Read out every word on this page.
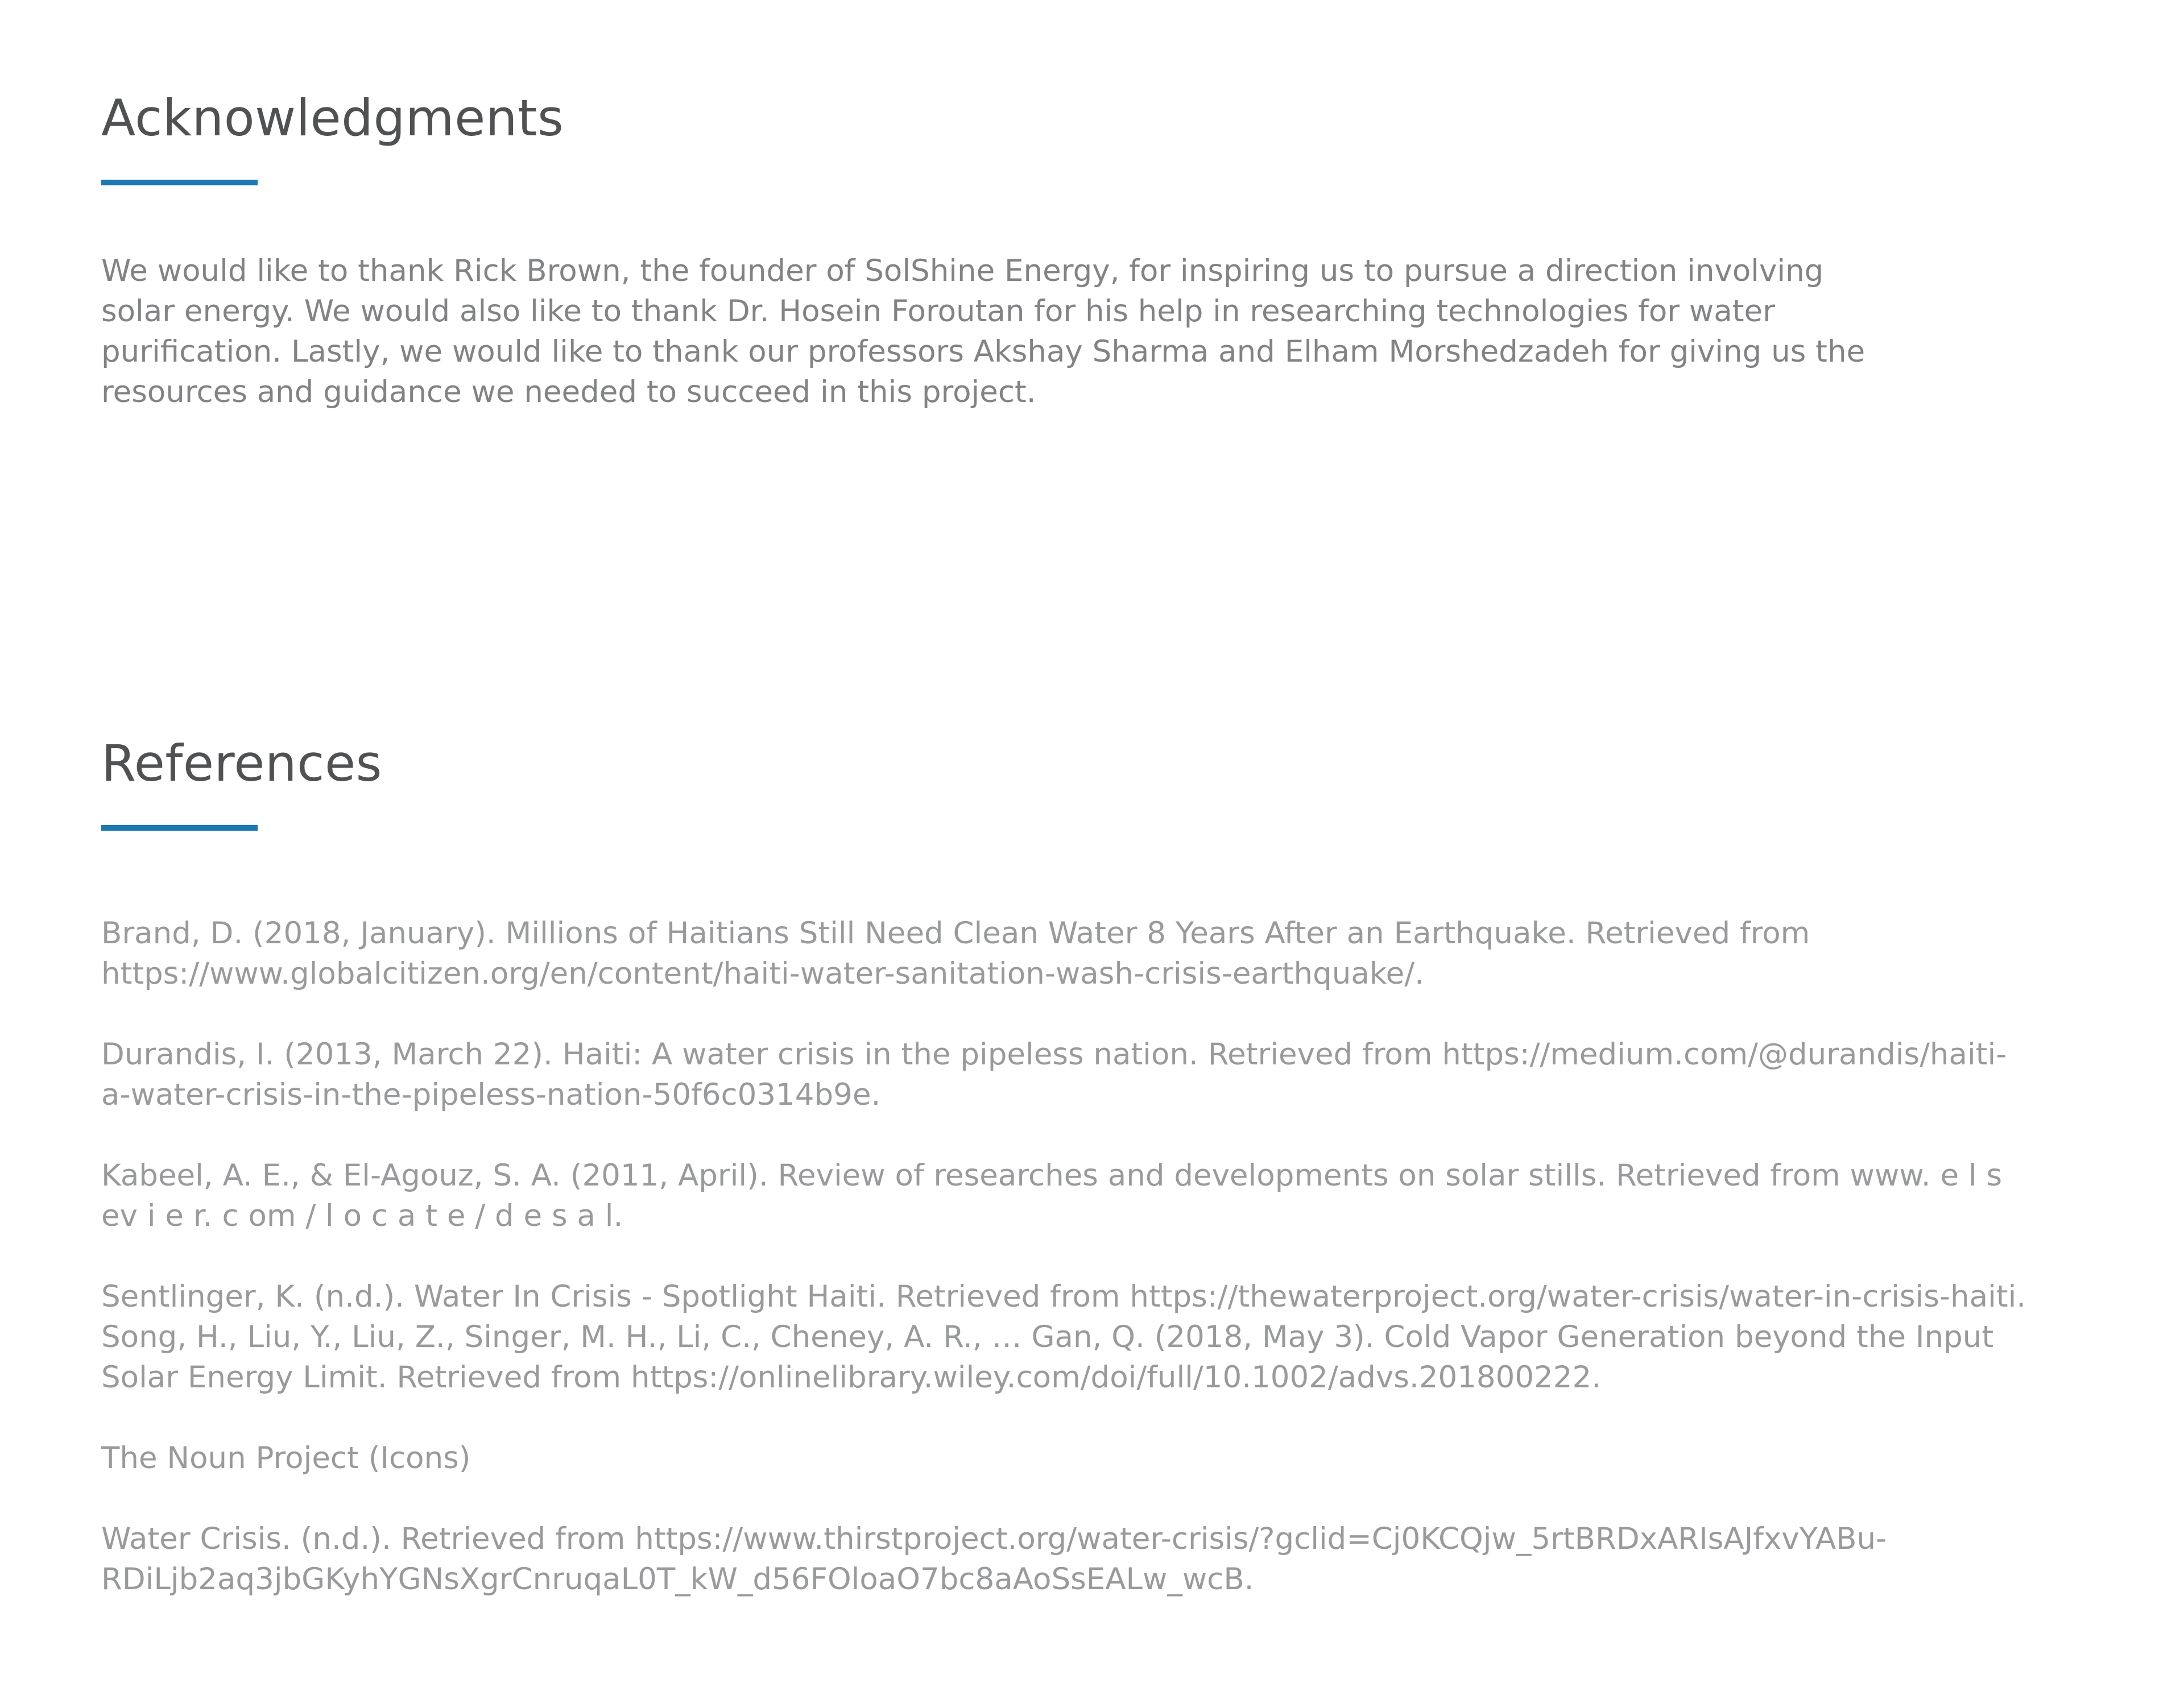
Acknowledgments

We would like to thank Rick Brown, the founder of SolShine Energy, for inspiring us to pursue a direction involving solar energy. We would also like to thank Dr. Hosein Foroutan for his help in researching technologies for water purification. Lastly, we would like to thank our professors Akshay Sharma and Elham Morshedzadeh for giving us the resources and guidance we needed to succeed in this project.

References
Brand, D. (2018, January). Millions of Haitians Still Need Clean Water 8 Years After an Earthquake. Retrieved from https://www.globalcitizen.org/en/content/haiti-water-sanitation-wash-crisis-earthquake/.
Durandis, I. (2013, March 22). Haiti: A water crisis in the pipeless nation. Retrieved from https://medium.com/@durandis/haiti-a-water-crisis-in-the-pipeless-nation-50f6c0314b9e.
Kabeel, A. E., & El-Agouz, S. A. (2011, April). Review of researches and developments on solar stills. Retrieved from www. e l s ev i e r. c om / l o c a t e / d e s a l.
Sentlinger, K. (n.d.). Water In Crisis - Spotlight Haiti. Retrieved from https://thewaterproject.org/water-crisis/water-in-crisis-haiti.
Song, H., Liu, Y., Liu, Z., Singer, M. H., Li, C., Cheney, A. R., … Gan, Q. (2018, May 3). Cold Vapor Generation beyond the Input Solar Energy Limit. Retrieved from https://onlinelibrary.wiley.com/doi/full/10.1002/advs.201800222.
The Noun Project (Icons)
Water Crisis. (n.d.). Retrieved from https://www.thirstproject.org/water-crisis/?gclid=Cj0KCQjw_5rtBRDxARIsAJfxvYABu-RDiLjb2aq3jbGKyhYGNsXgrCnruqaL0T_kW_d56FOloaO7bc8aAoSsEALw_wcB.
